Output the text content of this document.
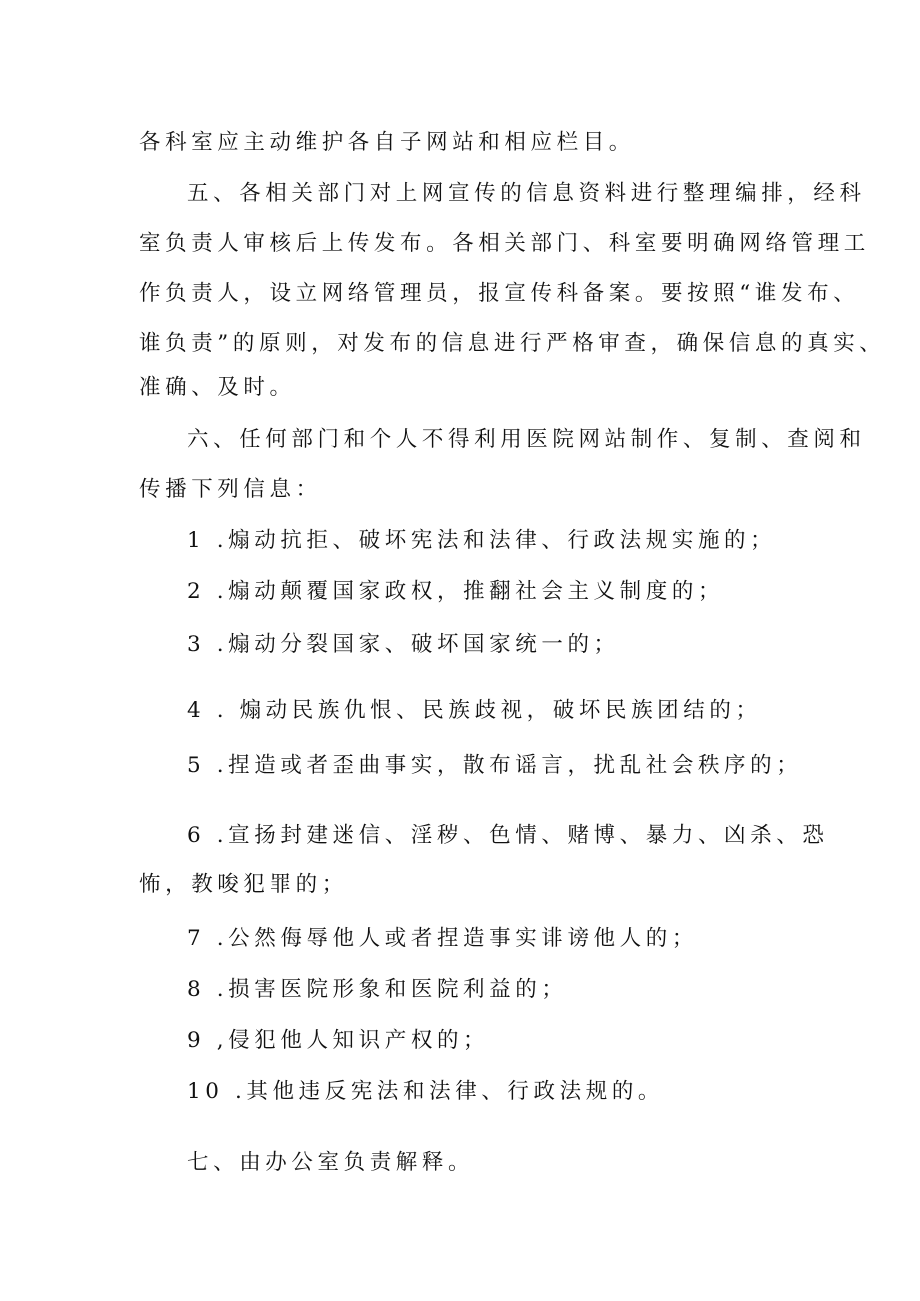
各科室应主动维护各自子网站和相应栏目。
五、各相关部门对上网宣传的信息资料进行整理编排，经科
室负责人审核后上传发布。各相关部门、科室要明确网络管理工
作负责人，设立网络管理员，报宣传科备案。要按照“谁发布、
谁负责”的原则，对发布的信息进行严格审查，确保信息的真实、
准确、及时。
六、任何部门和个人不得利用医院网站制作、复制、查阅和
传播下列信息：
1 .煽动抗拒、破坏宪法和法律、行政法规实施的；
2 .煽动颠覆国家政权，推翻社会主义制度的；
3 .煽动分裂国家、破坏国家统一的；
4 . 煽动民族仇恨、民族歧视，破坏民族团结的；
5 .捏造或者歪曲事实，散布谣言，扰乱社会秩序的；
6 .宣扬封建迷信、淫秽、色情、赌博、暴力、凶杀、恐
怖，教唆犯罪的；
7 .公然侮辱他人或者捏造事实诽谤他人的；
8 .损害医院形象和医院利益的；
9 ,侵犯他人知识产权的；
10 .其他违反宪法和法律、行政法规的。
七、由办公室负责解释。
